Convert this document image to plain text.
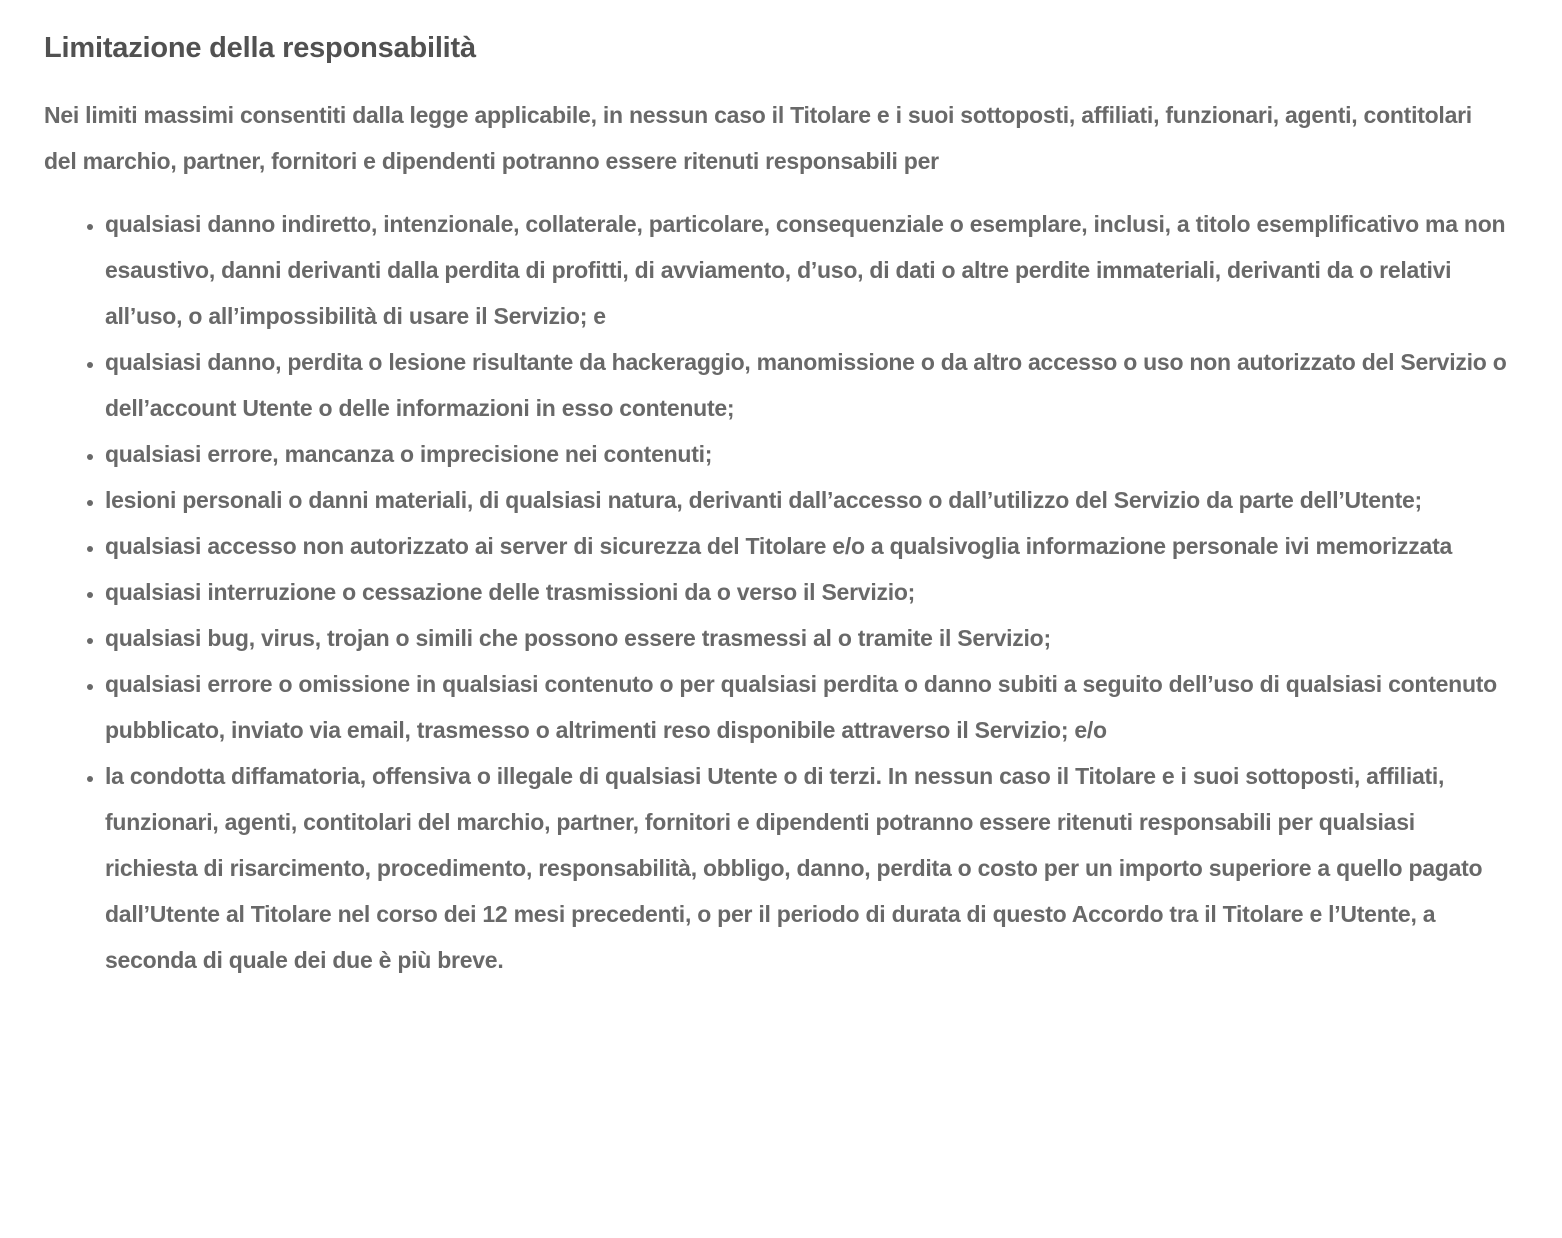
Limitazione della responsabilità

Nei limiti massimi consentiti dalla legge applicabile, in nessun caso il Titolare e i suoi sottoposti, affiliati, funzionari, agenti, contitolari del marchio, partner, fornitori e dipendenti potranno essere ritenuti responsabili per

• qualsiasi danno indiretto, intenzionale, collaterale, particolare, consequenziale o esemplare, inclusi, a titolo esemplificativo ma non esaustivo, danni derivanti dalla perdita di profitti, di avviamento, d’uso, di dati o altre perdite immateriali, derivanti da o relativi all’uso, o all’impossibilità di usare il Servizio; e
• qualsiasi danno, perdita o lesione risultante da hackeraggio, manomissione o da altro accesso o uso non autorizzato del Servizio o dell’account Utente o delle informazioni in esso contenute;
• qualsiasi errore, mancanza o imprecisione nei contenuti;
• lesioni personali o danni materiali, di qualsiasi natura, derivanti dall’accesso o dall’utilizzo del Servizio da parte dell’Utente;
• qualsiasi accesso non autorizzato ai server di sicurezza del Titolare e/o a qualsivoglia informazione personale ivi memorizzata
• qualsiasi interruzione o cessazione delle trasmissioni da o verso il Servizio;
• qualsiasi bug, virus, trojan o simili che possono essere trasmessi al o tramite il Servizio;
• qualsiasi errore o omissione in qualsiasi contenuto o per qualsiasi perdita o danno subiti a seguito dell’uso di qualsiasi contenuto pubblicato, inviato via email, trasmesso o altrimenti reso disponibile attraverso il Servizio; e/o
• la condotta diffamatoria, offensiva o illegale di qualsiasi Utente o di terzi. In nessun caso il Titolare e i suoi sottoposti, affiliati, funzionari, agenti, contitolari del marchio, partner, fornitori e dipendenti potranno essere ritenuti responsabili per qualsiasi richiesta di risarcimento, procedimento, responsabilità, obbligo, danno, perdita o costo per un importo superiore a quello pagato dall’Utente al Titolare nel corso dei 12 mesi precedenti, o per il periodo di durata di questo Accordo tra il Titolare e l’Utente, a seconda di quale dei due è più breve.
